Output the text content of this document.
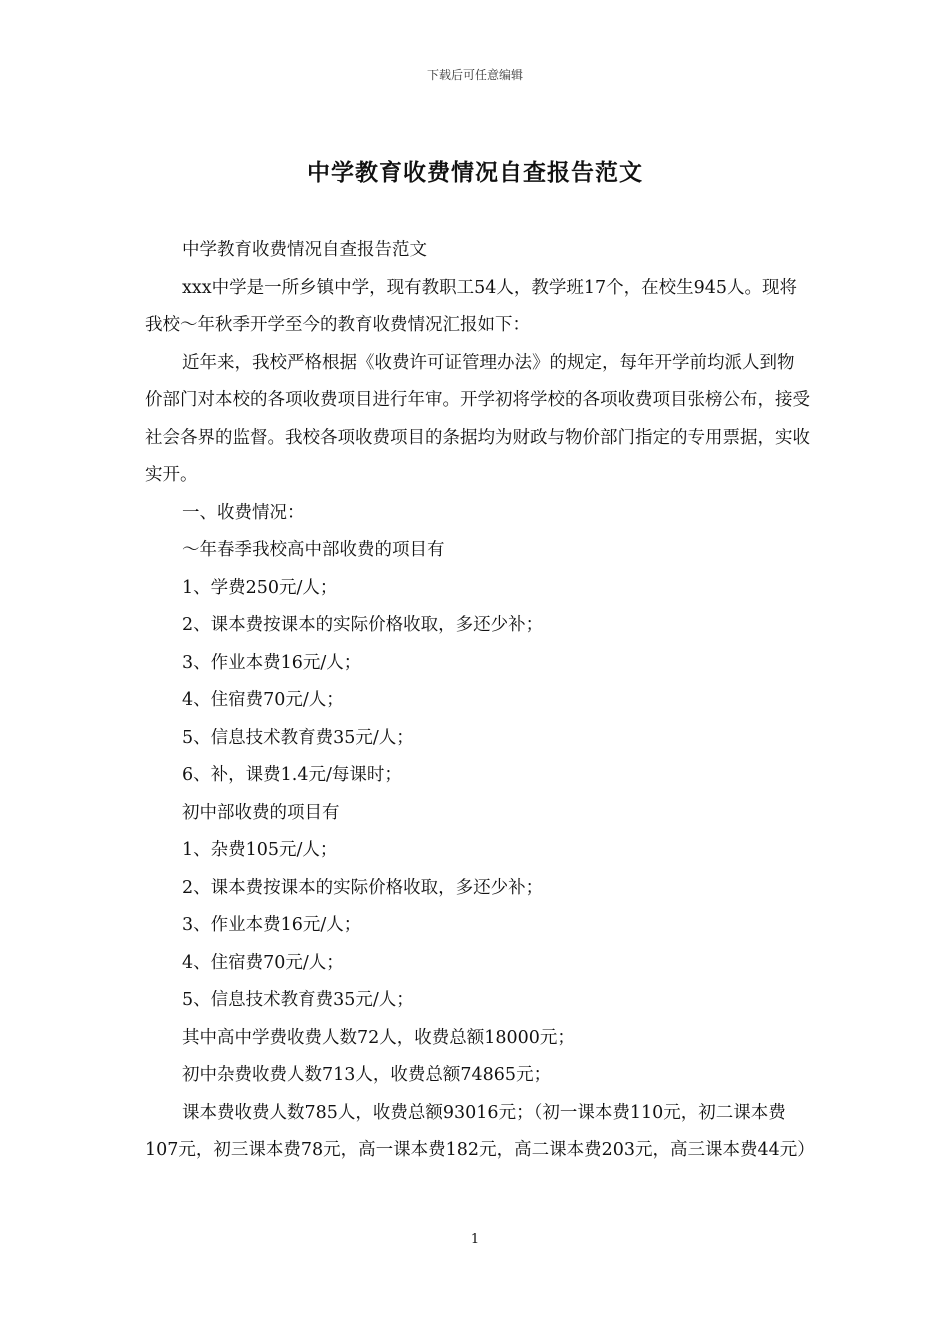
下载后可任意编辑
中学教育收费情况自查报告范文

中学教育收费情况自查报告范文

xxx中学是一所乡镇中学，现有教职工54人，教学班17个，在校生945人。现将我校～年秋季开学至今的教育收费情况汇报如下：

近年来，我校严格根据《收费许可证管理办法》的规定，每年开学前均派人到物价部门对本校的各项收费项目进行年审。开学初将学校的各项收费项目张榜公布，接受社会各界的监督。我校各项收费项目的条据均为财政与物价部门指定的专用票据，实收实开。

一、收费情况：

～年春季我校高中部收费的项目有

1、学费250元/人；

2、课本费按课本的实际价格收取，多还少补；

3、作业本费16元/人；

4、住宿费70元/人；

5、信息技术教育费35元/人；

6、补，课费1.4元/每课时；

初中部收费的项目有

1、杂费105元/人；

2、课本费按课本的实际价格收取，多还少补；

3、作业本费16元/人；

4、住宿费70元/人；

5、信息技术教育费35元/人；

其中高中学费收费人数72人，收费总额18000元；

初中杂费收费人数713人，收费总额74865元；

课本费收费人数785人，收费总额93016元；（初一课本费110元，初二课本费107元，初三课本费78元，高一课本费182元，高二课本费203元，高三课本费44元）

1
